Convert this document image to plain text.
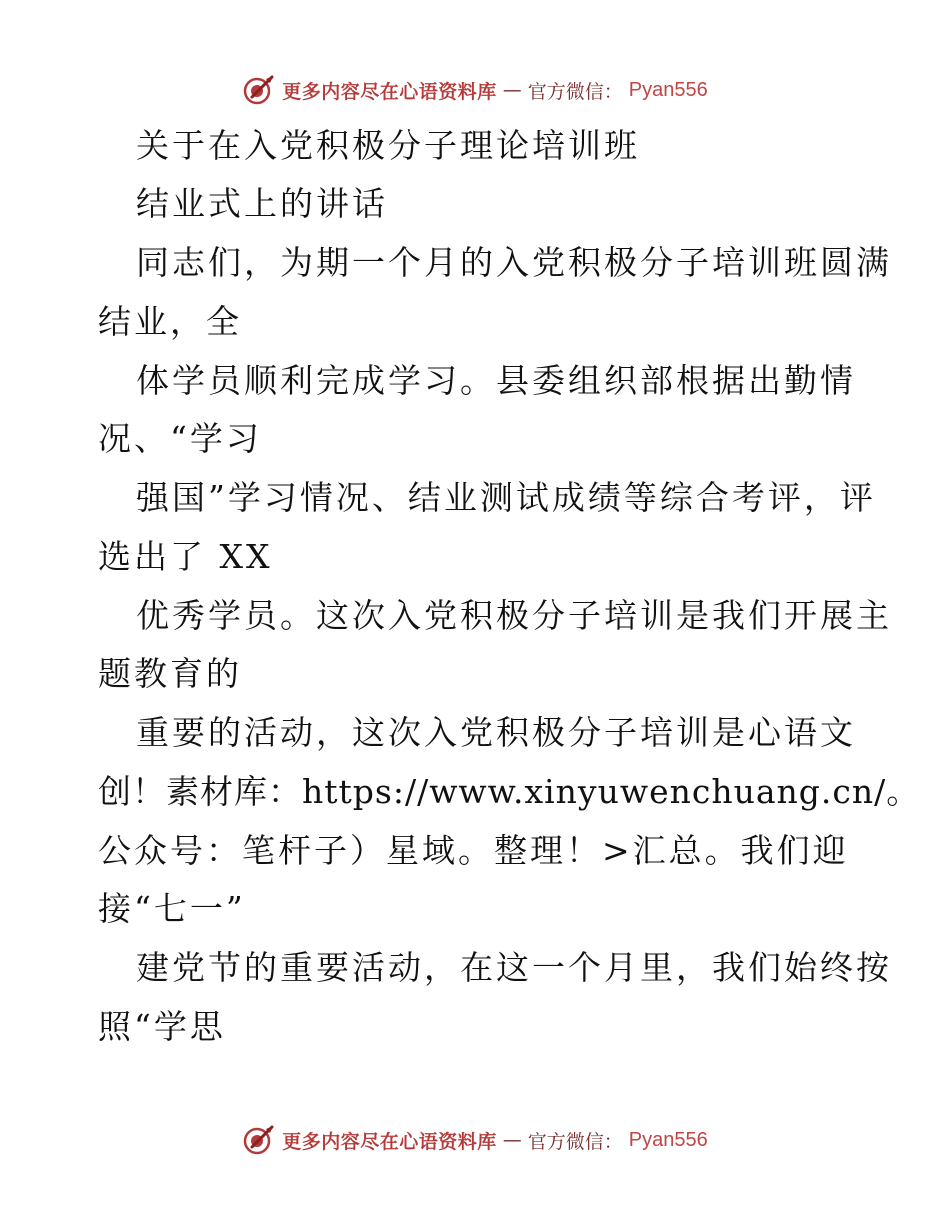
更多内容尽在心语资料库 — 官方微信： Pyan556
关于在入党积极分子理论培训班
结业式上的讲话
同志们，为期一个月的入党积极分子培训班圆满
结业，全
体学员顺利完成学习。县委组织部根据出勤情
况、“学习
强国”学习情况、结业测试成绩等综合考评，评
选出了 XX
优秀学员。这次入党积极分子培训是我们开展主
题教育的
重要的活动，这次入党积极分子培训是心语文
创！素材库：https://www.xinyuwenchuang.cn/。
公众号：笔杆子）星域。整理！>汇总。我们迎
接“七一”
建党节的重要活动，在这一个月里，我们始终按
照“学思
更多内容尽在心语资料库 — 官方微信： Pyan556
